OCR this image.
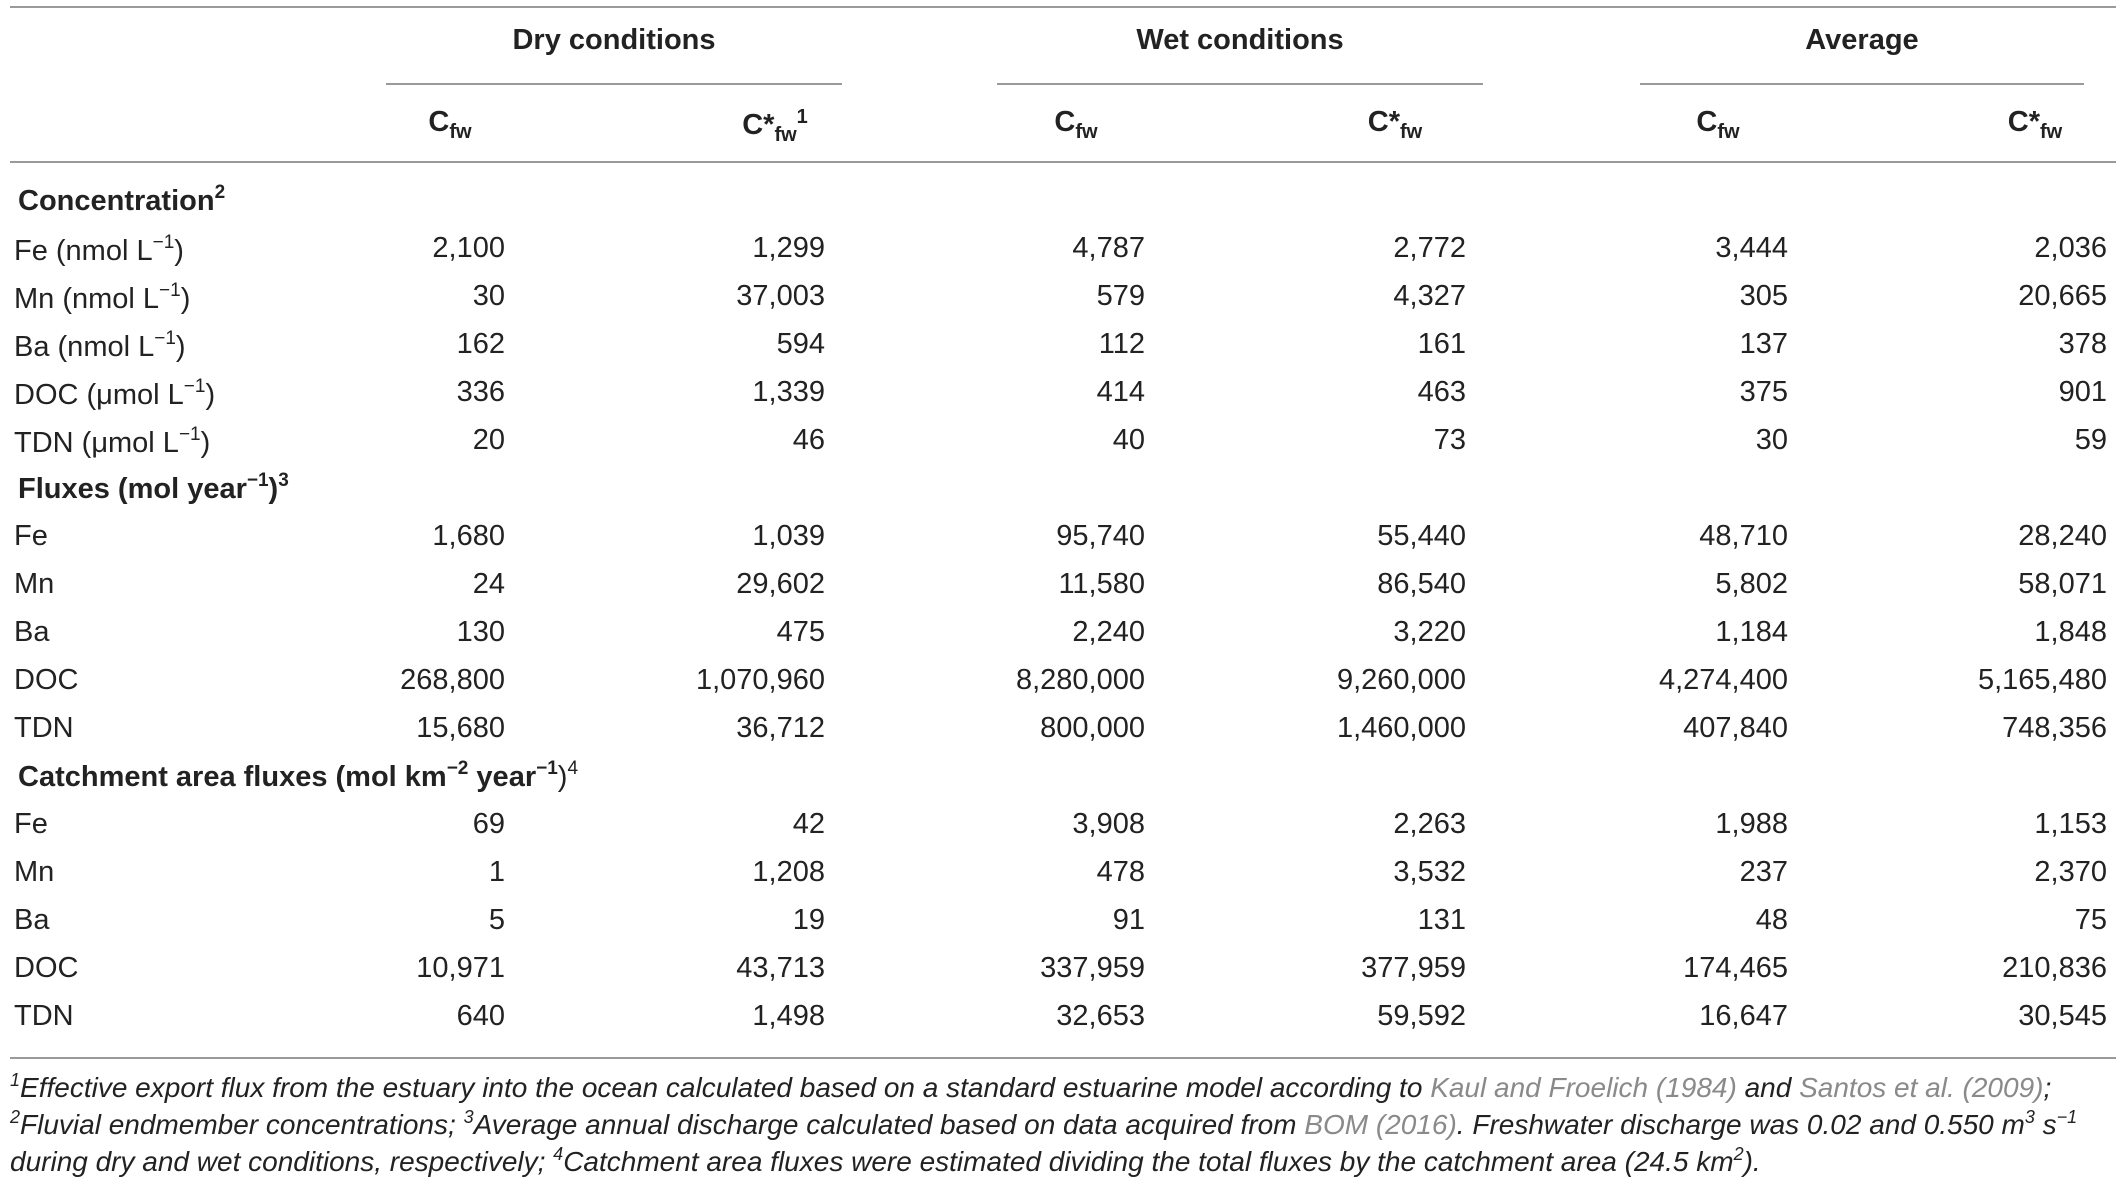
Dry conditions	Wet conditions	Average
$C_{fw}$	$C*_{fw}^1$	$C_{fw}$	$C*_{fw}$	$C_{fw}$	$C*_{fw}$
Concentration$^2$
Fe (nmol $L^{-1}$)	2,100	1,299	4,787	2,772	3,444	2,036
Mn (nmol $L^{-1}$)	30	37,003	579	4,327	305	20,665
Ba (nmol $L^{-1}$)	162	594	112	161	137	378
DOC (μmol $L^{-1}$)	336	1,339	414	463	375	901
TDN (μmol $L^{-1}$)	20	46	40	73	30	59
Fluxes (mol year$^{-1}$)$^3$
Fe	1,680	1,039	95,740	55,440	48,710	28,240
Mn	24	29,602	11,580	86,540	5,802	58,071
Ba	130	475	2,240	3,220	1,184	1,848
DOC	268,800	1,070,960	8,280,000	9,260,000	4,274,400	5,165,480
TDN	15,680	36,712	800,000	1,460,000	407,840	748,356
Catchment area fluxes (mol $km^{-2}$ year$^{-1}$)$^4$
Fe	69	42	3,908	2,263	1,988	1,153
Mn	1	1,208	478	3,532	237	2,370
Ba	5	19	91	131	48	75
DOC	10,971	43,713	337,959	377,959	174,465	210,836
TDN	640	1,498	32,653	59,592	16,647	30,545
$^1$Effective export flux from the estuary into the ocean calculated based on a standard estuarine model according to Kaul and Froelich (1984) and Santos et al. (2009);
$^2$Fluvial endmember concentrations; $^3$Average annual discharge calculated based on data acquired from BOM (2016). Freshwater discharge was 0.02 and 0.550 $m^3$ $s^{-1}$
during dry and wet conditions, respectively; $^4$Catchment area fluxes were estimated dividing the total fluxes by the catchment area (24.5 $km^2$).
